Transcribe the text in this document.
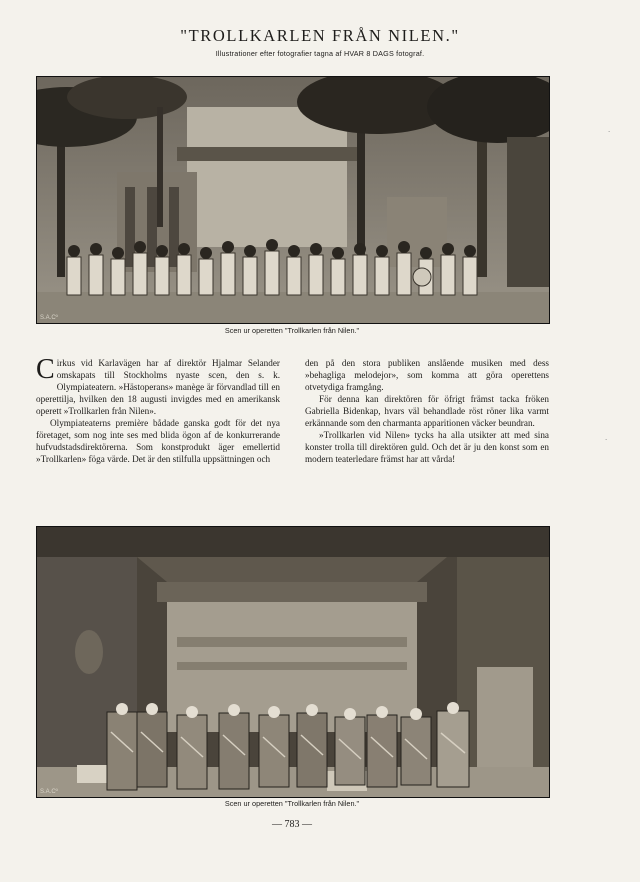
"TROLLKARLEN FRÅN NILEN."
Illustrationer efter fotografier tagna af HVAR 8 DAGS fotograf.
S.A.Cº
Scen ur operetten "Trollkarlen från Nilen."

Cirkus vid Karlavägen har af direktör Hjalmar Selander omskapats till Stockholms nyaste scen, den s. k. Olympiateatern. »Hästoperans» manège är förvandlad till en operettilja, hvilken den 18 augusti invigdes med en amerikansk operett »Trollkarlen från Nilen».

Olympiateaterns première bådade ganska godt för det nya företaget, som nog inte ses med blida ögon af de konkurrerande hufvudstadsdirektörerna. Som konstprodukt äger emellertid »Trollkarlen» föga värde. Det är den stilfulla uppsättningen och

den på den stora publiken anslående musiken med dess »behagliga melodejor», som komma att göra operettens otvetydiga framgång.

För denna kan direktören för öfrigt främst tacka fröken Gabriella Bidenkap, hvars väl behandlade röst röner lika varmt erkännande som den charmanta apparitionen väcker beundran.

»Trollkarlen vid Nilen» tycks ha alla utsikter att med sina konster trolla till direktören guld. Och det är ju den konst som en modern teaterledare främst har att vårda!

S.A.Cº
Scen ur operetten "Trollkarlen från Nilen."
— 783 —
·
·
